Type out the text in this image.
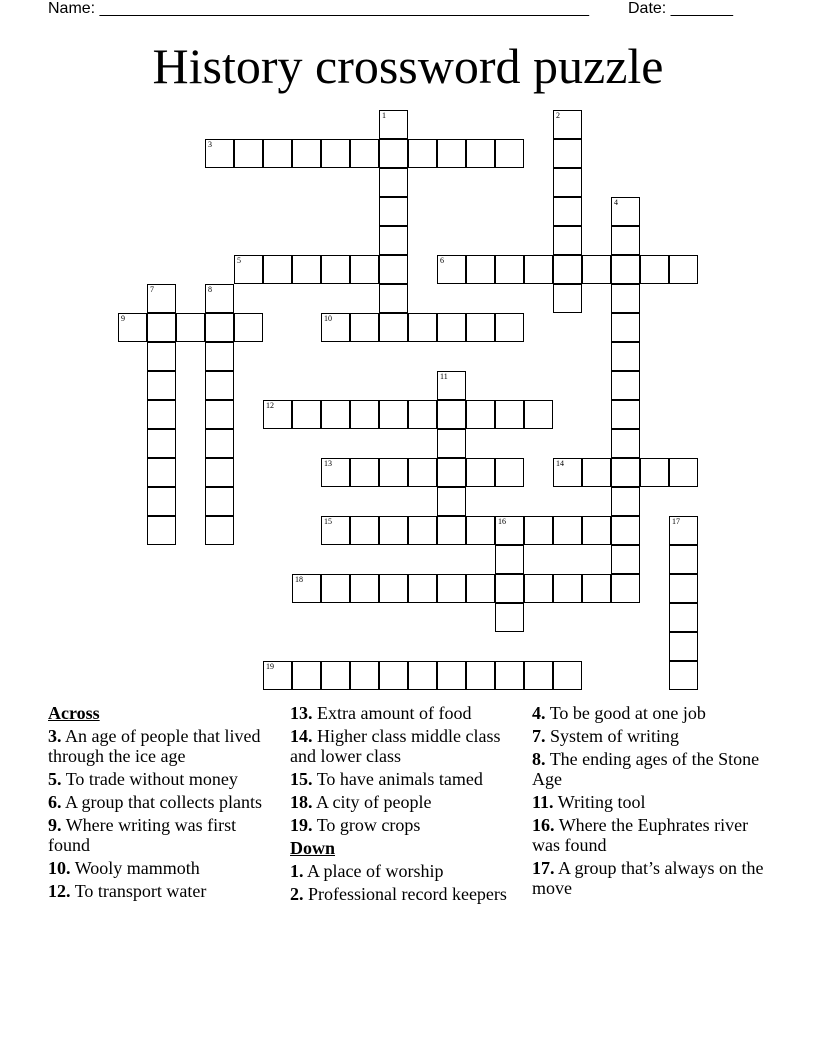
Name: _______________________________________________________ Date: _______
History crossword puzzle
1	2
3
4
5	6
7	8
9	10
11
12
13	14
15	16	17
18
19
Across
3. An age of people that lived through the ice age
5. To trade without money
6. A group that collects plants
9. Where writing was first found
10. Wooly mammoth
12. To transport water
13. Extra amount of food
14. Higher class middle class and lower class
15. To have animals tamed
18. A city of people
19. To grow crops
Down
1. A place of worship
2. Professional record keepers
4. To be good at one job
7. System of writing
8. The ending ages of the Stone Age
11. Writing tool
16. Where the Euphrates river was found
17. A group that’s always on the move
